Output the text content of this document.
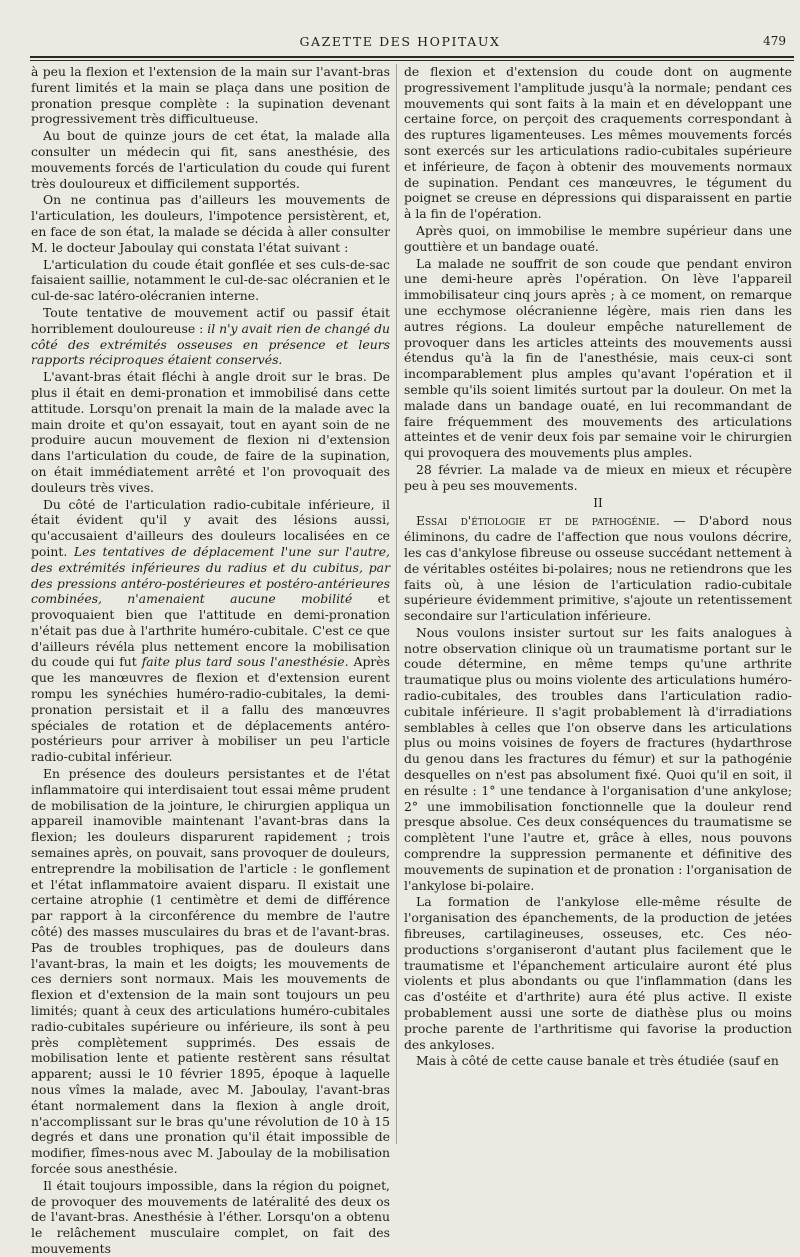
GAZETTE DES HOPITAUX	479

à peu la flexion et l'extension de la main sur l'avant-bras furent limités et la main se plaça dans une position de pronation presque complète : la supination devenant progressivement très difficultueuse.

Au bout de quinze jours de cet état, la malade alla consulter un médecin qui fit, sans anesthésie, des mouvements forcés de l'articulation du coude qui furent très douloureux et difficilement supportés.

On ne continua pas d'ailleurs les mouvements de l'articulation, les douleurs, l'impotence persistèrent, et, en face de son état, la malade se décida à aller consulter M. le docteur Jaboulay qui constata l'état suivant :

L'articulation du coude était gonflée et ses culs-de-sac faisaient saillie, notamment le cul-de-sac olécranien et le cul-de-sac latéro-olécranien interne.

Toute tentative de mouvement actif ou passif était horriblement douloureuse : il n'y avait rien de changé du côté des extrémités osseuses en présence et leurs rapports réciproques étaient conservés.

L'avant-bras était fléchi à angle droit sur le bras. De plus il était en demi-pronation et immobilisé dans cette attitude. Lorsqu'on prenait la main de la malade avec la main droite et qu'on essayait, tout en ayant soin de ne produire aucun mouvement de flexion ni d'extension dans l'articulation du coude, de faire de la supination, on était immédiatement arrêté et l'on provoquait des douleurs très vives.

Du côté de l'articulation radio-cubitale inférieure, il était évident qu'il y avait des lésions aussi, qu'accusaient d'ailleurs des douleurs localisées en ce point. Les tentatives de déplacement l'une sur l'autre, des extrémités inférieures du radius et du cubitus, par des pressions antéro-postérieures et postéro-antérieures combinées, n'amenaient aucune mobilité et provoquaient bien que l'attitude en demi-pronation n'était pas due à l'arthrite huméro-cubitale. C'est ce que d'ailleurs révéla plus nettement encore la mobilisation du coude qui fut faite plus tard sous l'anesthésie. Après que les manœuvres de flexion et d'extension eurent rompu les synéchies huméro-radio-cubitales, la demi-pronation persistait et il a fallu des manœuvres spéciales de rotation et de déplacements antéro-postérieurs pour arriver à mobiliser un peu l'article radio-cubital inférieur.

En présence des douleurs persistantes et de l'état inflammatoire qui interdisaient tout essai même prudent de mobilisation de la jointure, le chirurgien appliqua un appareil inamovible maintenant l'avant-bras dans la flexion; les douleurs disparurent rapidement ; trois semaines après, on pouvait, sans provoquer de douleurs, entreprendre la mobilisation de l'article : le gonflement et l'état inflammatoire avaient disparu. Il existait une certaine atrophie (1 centimètre et demi de différence par rapport à la circonférence du membre de l'autre côté) des masses musculaires du bras et de l'avant-bras. Pas de troubles trophiques, pas de douleurs dans l'avant-bras, la main et les doigts; les mouvements de ces derniers sont normaux. Mais les mouvements de flexion et d'extension de la main sont toujours un peu limités; quant à ceux des articulations huméro-cubitales radio-cubitales supérieure ou inférieure, ils sont à peu près complètement supprimés. Des essais de mobilisation lente et patiente restèrent sans résultat apparent; aussi le 10 février 1895, époque à laquelle nous vîmes la malade, avec M. Jaboulay, l'avant-bras étant normalement dans la flexion à angle droit, n'accomplissant sur le bras qu'une révolution de 10 à 15 degrés et dans une pronation qu'il était impossible de modifier, fîmes-nous avec M. Jaboulay de la mobilisation forcée sous anesthésie.

Il était toujours impossible, dans la région du poignet, de provoquer des mouvements de latéralité des deux os de l'avant-bras. Anesthésie à l'éther. Lorsqu'on a obtenu le relâchement musculaire complet, on fait des mouvements

de flexion et d'extension du coude dont on augmente progressivement l'amplitude jusqu'à la normale; pendant ces mouvements qui sont faits à la main et en développant une certaine force, on perçoit des craquements correspondant à des ruptures ligamenteuses. Les mêmes mouvements forcés sont exercés sur les articulations radio-cubitales supérieure et inférieure, de façon à obtenir des mouvements normaux de supination. Pendant ces manœuvres, le tégument du poignet se creuse en dépressions qui disparaissent en partie à la fin de l'opération.

Après quoi, on immobilise le membre supérieur dans une gouttière et un bandage ouaté.

La malade ne souffrit de son coude que pendant environ une demi-heure après l'opération. On lève l'appareil immobilisateur cinq jours après ; à ce moment, on remarque une ecchymose olécranienne légère, mais rien dans les autres régions. La douleur empêche naturellement de provoquer dans les articles atteints des mouvements aussi étendus qu'à la fin de l'anesthésie, mais ceux-ci sont incomparablement plus amples qu'avant l'opération et il semble qu'ils soient limités surtout par la douleur. On met la malade dans un bandage ouaté, en lui recommandant de faire fréquemment des mouvements des articulations atteintes et de venir deux fois par semaine voir le chirurgien qui provoquera des mouvements plus amples.

28 février. La malade va de mieux en mieux et récupère peu à peu ses mouvements.

II

Essai d'étiologie et de pathogénie. — D'abord nous éliminons, du cadre de l'affection que nous voulons décrire, les cas d'ankylose fibreuse ou osseuse succédant nettement à de véritables ostéites bi-polaires; nous ne retiendrons que les faits où, à une lésion de l'articulation radio-cubitale supérieure évidemment primitive, s'ajoute un retentissement secondaire sur l'articulation inférieure.

Nous voulons insister surtout sur les faits analogues à notre observation clinique où un traumatisme portant sur le coude détermine, en même temps qu'une arthrite traumatique plus ou moins violente des articulations huméro-radio-cubitales, des troubles dans l'articulation radio-cubitale inférieure. Il s'agit probablement là d'irradiations semblables à celles que l'on observe dans les articulations plus ou moins voisines de foyers de fractures (hydarthrose du genou dans les fractures du fémur) et sur la pathogénie desquelles on n'est pas absolument fixé. Quoi qu'il en soit, il en résulte : 1° une tendance à l'organisation d'une ankylose; 2° une immobilisation fonctionnelle que la douleur rend presque absolue. Ces deux conséquences du traumatisme se complètent l'une l'autre et, grâce à elles, nous pouvons comprendre la suppression permanente et définitive des mouvements de supination et de pronation : l'organisation de l'ankylose bi-polaire.

La formation de l'ankylose elle-même résulte de l'organisation des épanchements, de la production de jetées fibreuses, cartilagineuses, osseuses, etc. Ces néo-productions s'organiseront d'autant plus facilement que le traumatisme et l'épanchement articulaire auront été plus violents et plus abondants ou que l'inflammation (dans les cas d'ostéite et d'arthrite) aura été plus active. Il existe probablement aussi une sorte de diathèse plus ou moins proche parente de l'arthritisme qui favorise la production des ankyloses.

Mais à côté de cette cause banale et très étudiée (sauf en
